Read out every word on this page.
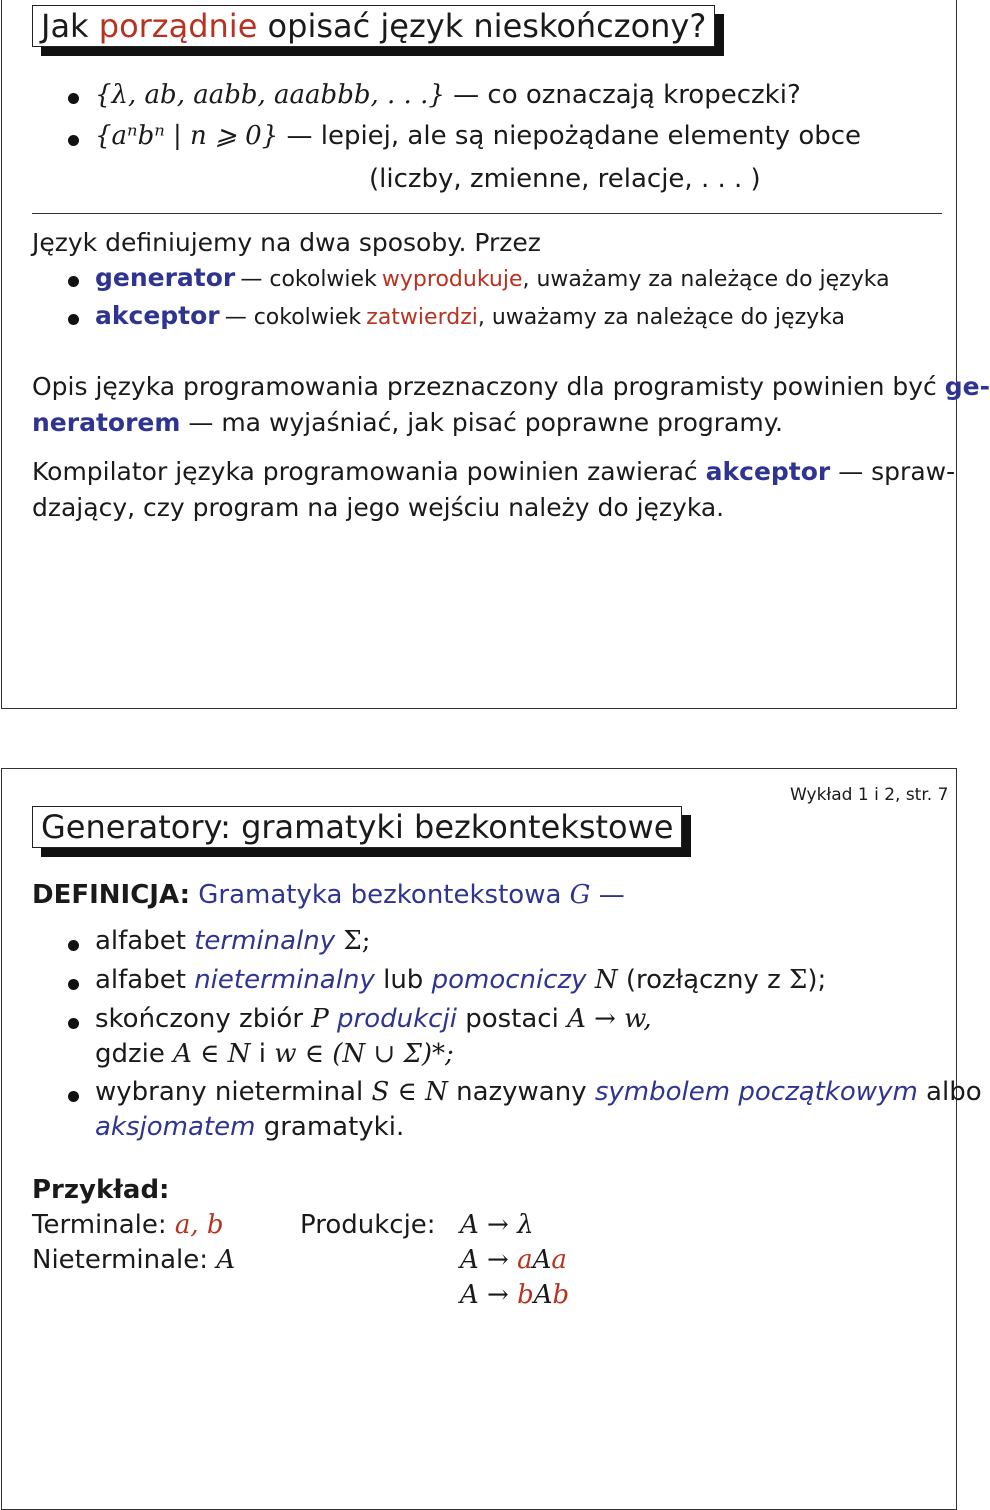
Jak porządnie opisać język nieskończony?
{λ, ab, aabb, aaabbb, . . .} — co oznaczają kropeczki?
{aⁿbⁿ | n ⩾ 0} — lepiej, ale są niepożądane elementy obce
(liczby, zmienne, relacje, . . . )
Język definiujemy na dwa sposoby. Przez
generator — cokolwiek wyprodukuje, uważamy za należące do języka
akceptor — cokolwiek zatwierdzi, uważamy za należące do języka
Opis języka programowania przeznaczony dla programisty powinien być ge-
neratorem — ma wyjaśniać, jak pisać poprawne programy.
Kompilator języka programowania powinien zawierać akceptor — spraw-
dzający, czy program na jego wejściu należy do języka.
Wykład 1 i 2, str. 7
Generatory: gramatyki bezkontekstowe
DEFINICJA: Gramatyka bezkontekstowa G —
alfabet terminalny Σ;
alfabet nieterminalny lub pomocniczy N (rozłączny z Σ);
skończony zbiór P produkcji postaci A → w,
gdzie A ∈ N i w ∈ (N ∪ Σ)*;
wybrany nieterminal S ∈ N nazywany symbolem początkowym albo
aksjomatem gramatyki.
Przykład:
Terminale: a, b
Nieterminale: A
Produkcje: A → λ
A → aAa
A → bAb
